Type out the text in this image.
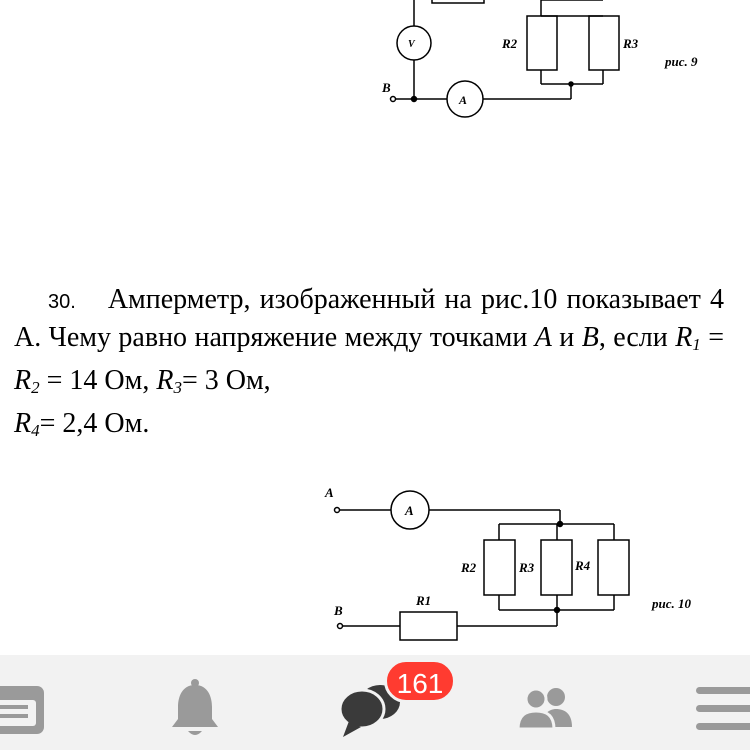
V
A
B
R2	R3
рис. 9
A
A
R2	R3	R4
R1
B	рис. 10
30. Амперметр, изображенный на рис.10 показывает 4 А. Чему равно напряжение между точками A и B, если $R_1 = R_2 = 14$ Ом, $R_3= 3$ Ом,
$R_4= 2,4$ Ом.
161
